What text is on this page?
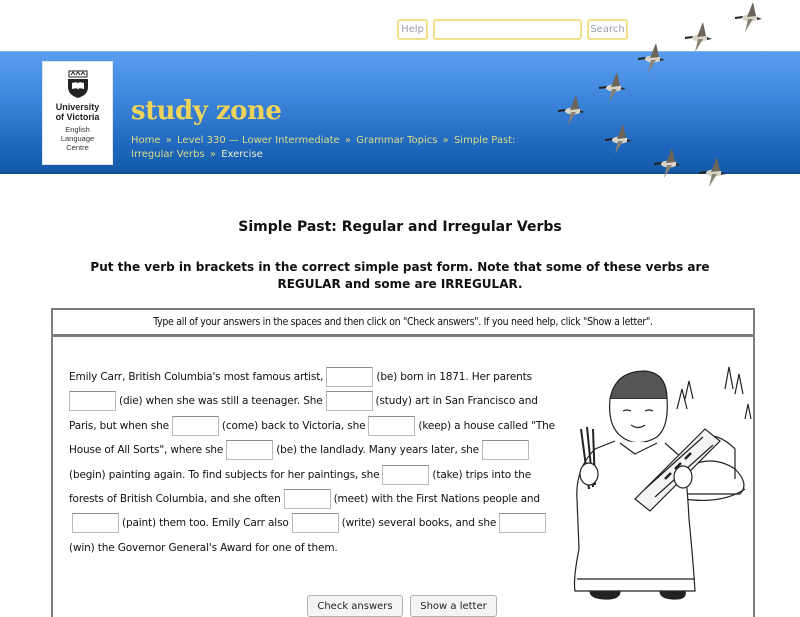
Help	Search
University
of Victoria
English
Language
Centre
study zone
Home » Level 330 — Lower Intermediate » Grammar Topics » Simple Past: Irregular Verbs » Exercise
Simple Past: Regular and Irregular Verbs

Put the verb in brackets in the correct simple past form. Note that some of these verbs are REGULAR and some are IRREGULAR.

Type all of your answers in the spaces and then click on "Check answers". If you need help, click "Show a letter".
Emily Carr, British Columbia's most famous artist,	(be) born in 1871. Her parents (die) when she was still a teenager. She	(study) art in San Francisco and Paris, but when she	(come) back to Victoria, she	(keep) a house called "The House of All Sorts", where she	(be) the landlady. Many years later, she (begin) painting again. To find subjects for her paintings, she	(take) trips into the forests of British Columbia, and she often	(meet) with the First Nations people and(paint) them too. Emily Carr also	(write) several books, and she(win) the Governor General's Award for one of them.
Check answers	Show a letter
